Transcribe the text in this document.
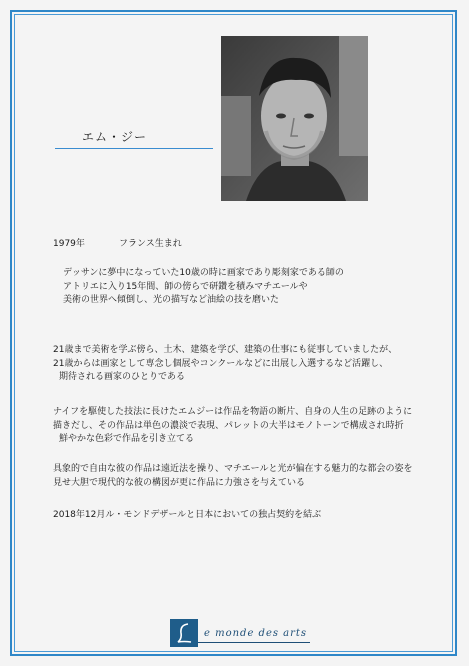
エム・ジー
1979年	フランス生まれ
デッサンに夢中になっていた10歳の時に画家であり彫刻家である師の
アトリエに入り15年間、師の傍らで研鑽を積みマチエールや
美術の世界へ傾倒し、光の描写など油絵の技を磨いた
21歳まで美術を学ぶ傍ら、土木、建築を学び、建築の仕事にも従事していましたが、
21歳からは画家として専念し個展やコンクールなどに出展し入選するなど活躍し、
期待される画家のひとりである
ナイフを駆使した技法に長けたエムジーは作品を物語の断片、自身の人生の足跡のように
描きだし、その作品は単色の濃淡で表現、パレットの大半はモノトーンで構成され時折
鮮やかな色彩で作品を引き立てる
具象的で自由な彼の作品は遠近法を操り、マチエールと光が偏在する魅力的な都会の姿を
見せ大胆で現代的な彼の構図が更に作品に力強さを与えている
2018年12月ル・モンドデザールと日本においての独占契約を結ぶ
e monde des arts
